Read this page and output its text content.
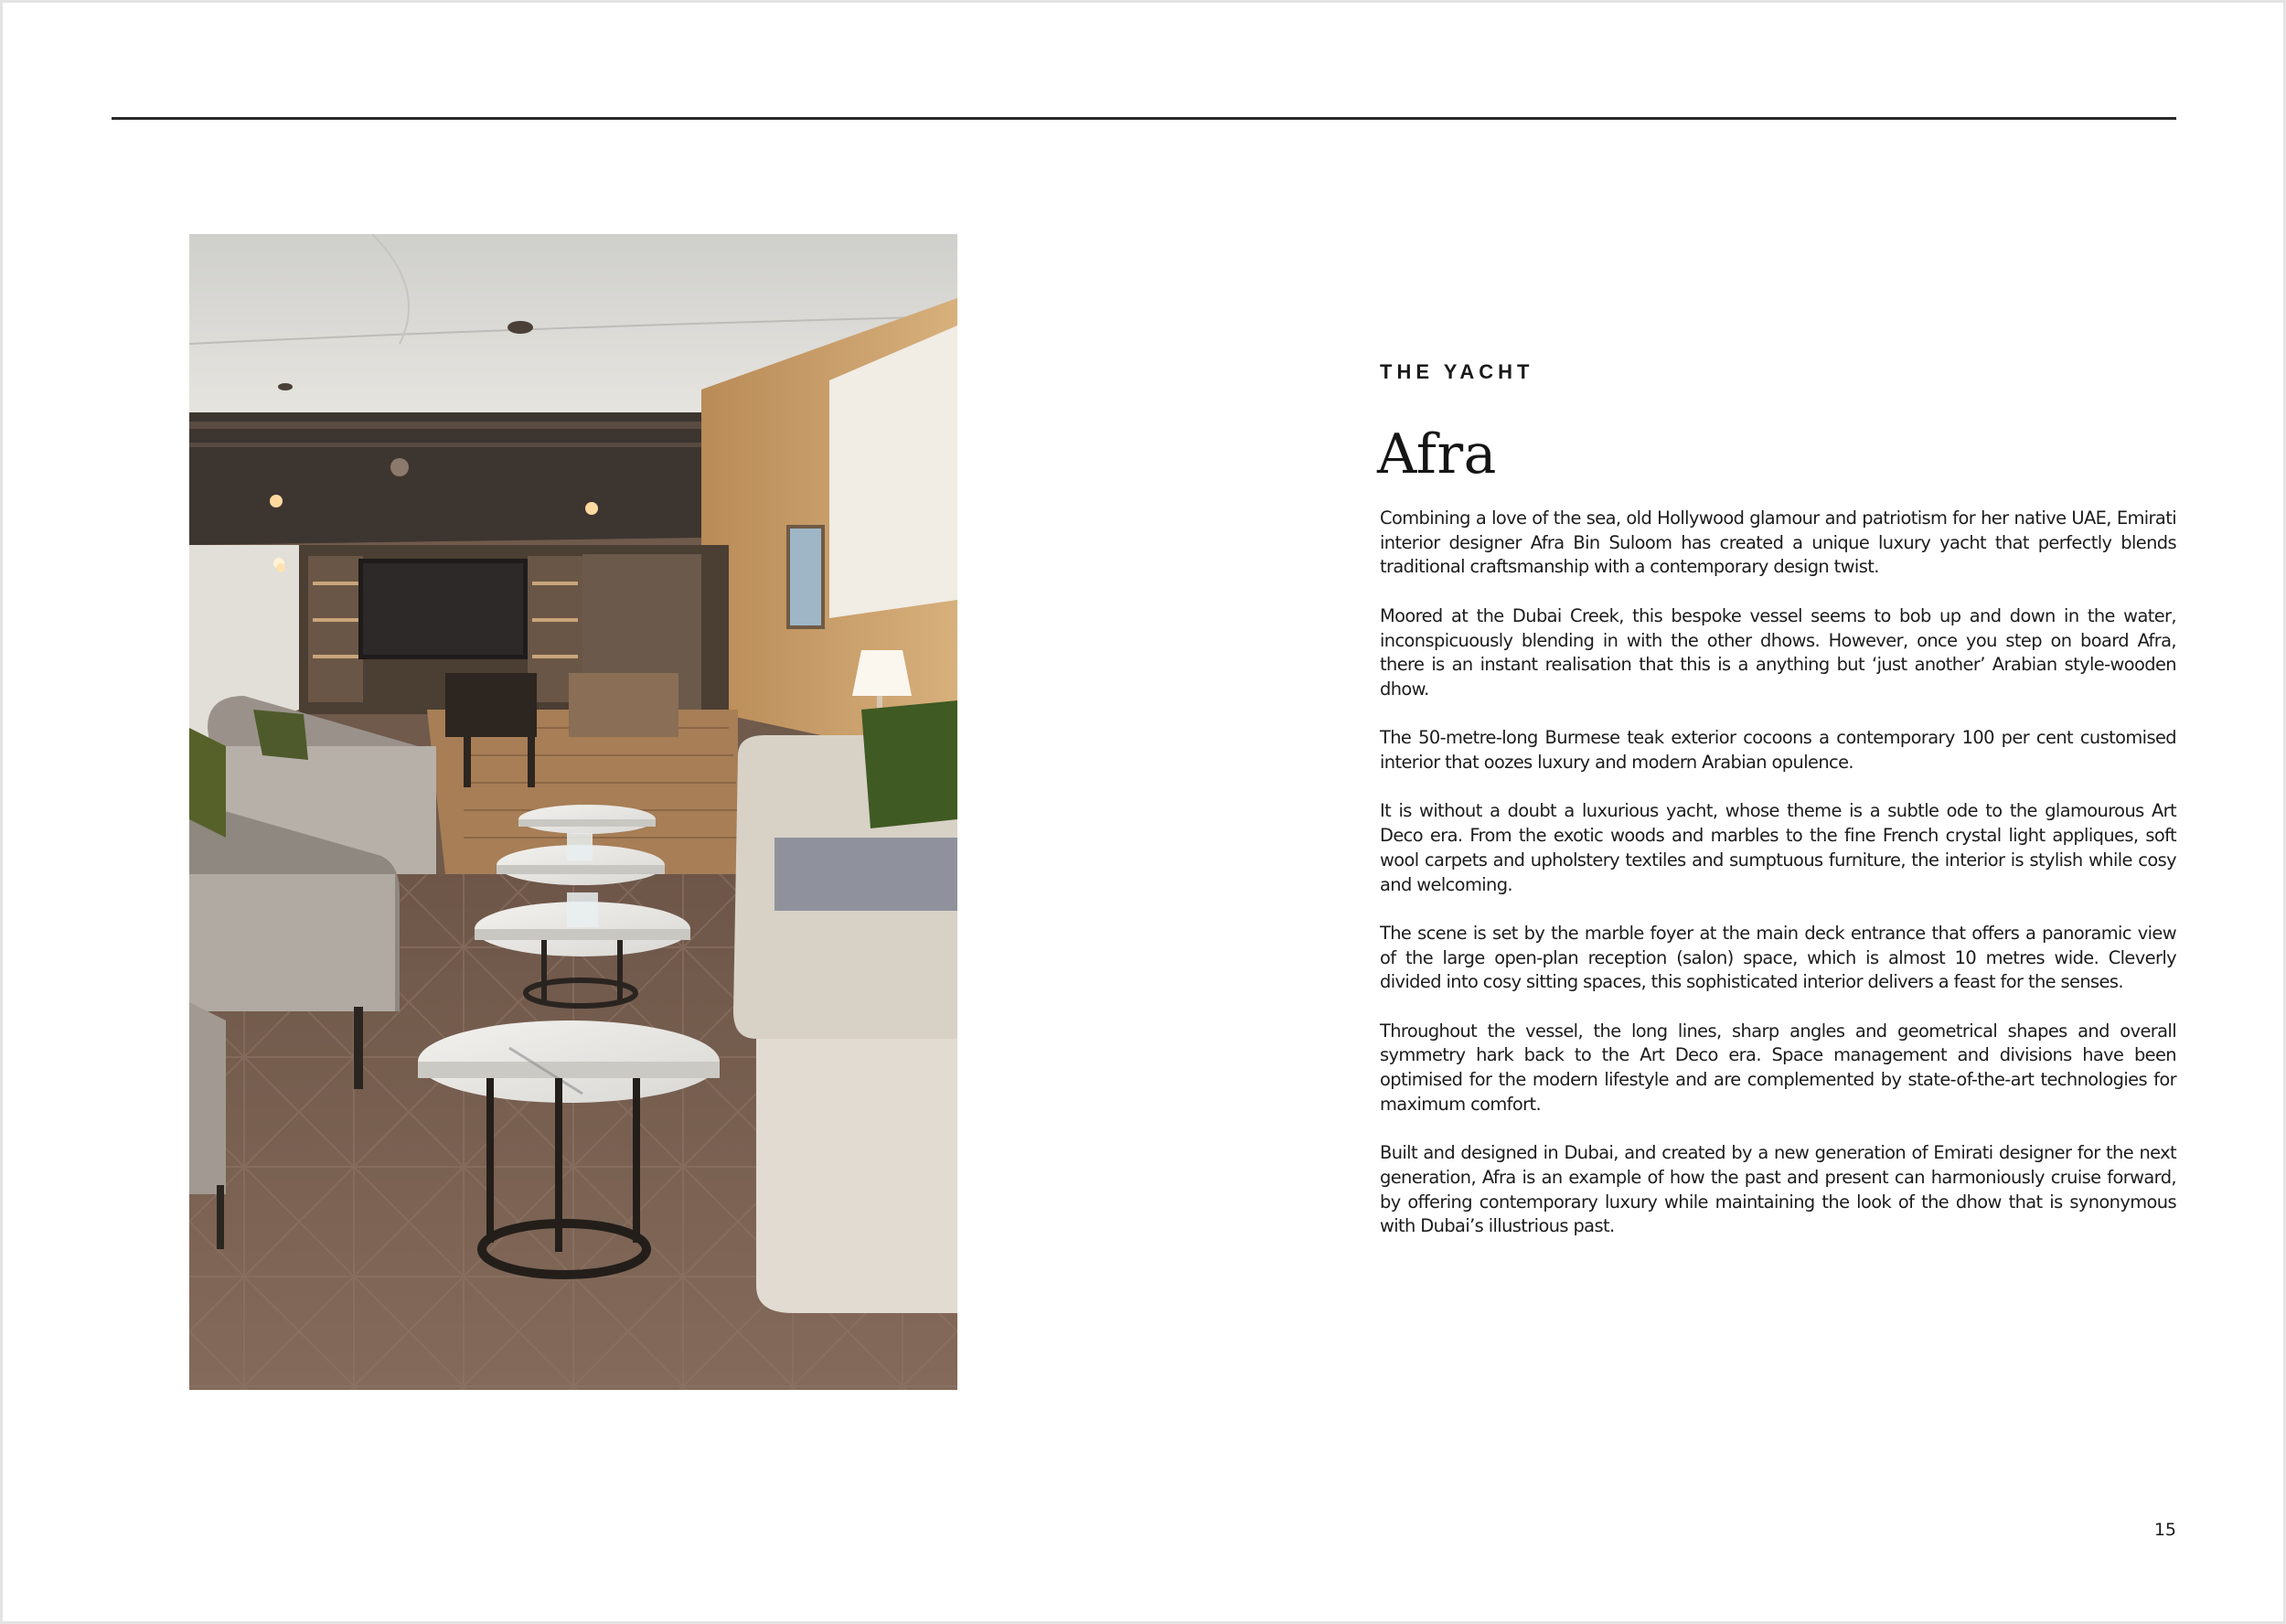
THE YACHT
Afra

Combining a love of the sea, old Hollywood glamour and patriotism for her native UAE, Emirati interior designer Afra Bin Suloom has created a unique luxury yacht that perfectly blends traditional craftsmanship with a contemporary design twist.

Moored at the Dubai Creek, this bespoke vessel seems to bob up and down in the water, inconspicuously blending in with the other dhows. However, once you step on board Afra, there is an instant realisation that this is a anything but ‘just another’ Arabian style-wooden dhow.

The 50-metre-long Burmese teak exterior cocoons a contemporary 100 per cent customised interior that oozes luxury and modern Arabian opulence.

It is without a doubt a luxurious yacht, whose theme is a subtle ode to the glamourous Art Deco era. From the exotic woods and marbles to the fine French crystal light appliques, soft wool carpets and upholstery textiles and sumptuous furniture, the interior is stylish while cosy and welcoming.

The scene is set by the marble foyer at the main deck entrance that offers a panoramic view of the large open-plan reception (salon) space, which is almost 10 metres wide. Cleverly divided into cosy sitting spaces, this sophisticated interior delivers a feast for the senses.

Throughout the vessel, the long lines, sharp angles and geometrical shapes and overall symmetry hark back to the Art Deco era. Space management and divisions have been optimised for the modern lifestyle and are complemented by state-of-the-art technologies for maximum comfort.

Built and designed in Dubai, and created by a new generation of Emirati designer for the next generation, Afra is an example of how the past and present can harmoniously cruise forward, by offering contemporary luxury while maintaining the look of the dhow that is synonymous with Dubai’s illustrious past.

15
